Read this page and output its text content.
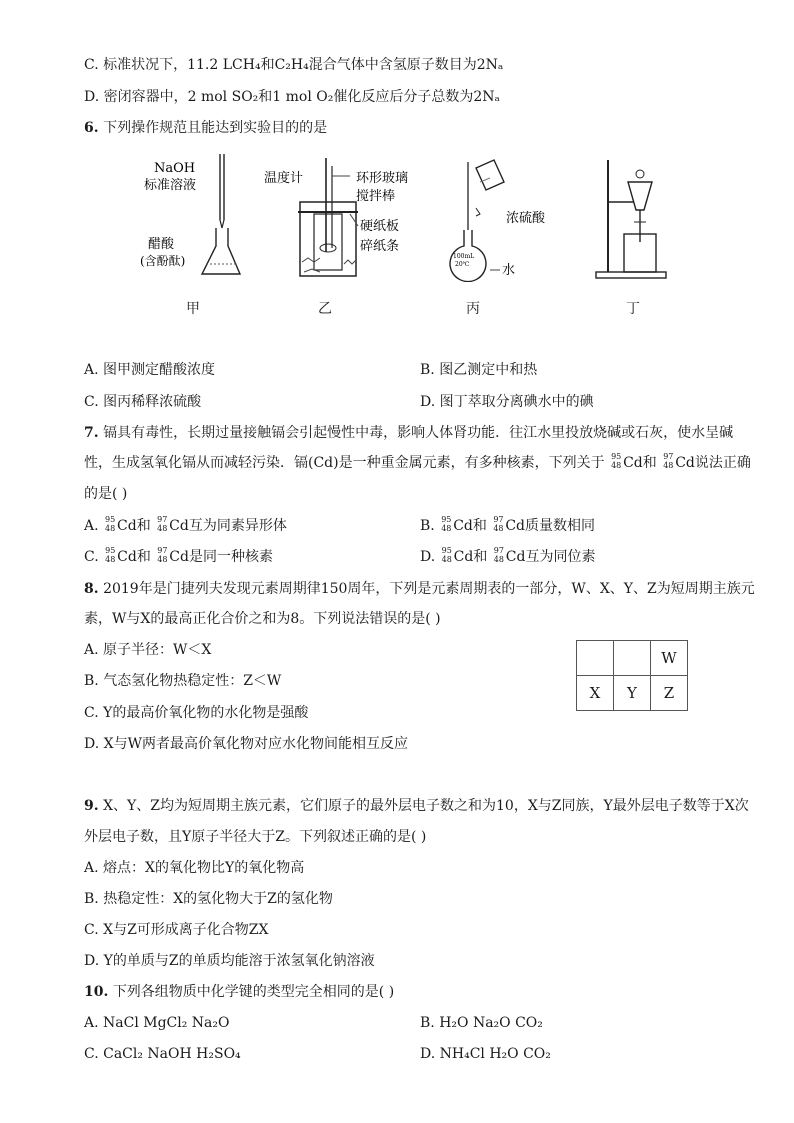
C. 标准状况下，11.2 LCH₄和C₂H₄混合气体中含氢原子数目为2Nₐ
D. 密闭容器中，2 mol SO₂和1 mol O₂催化反应后分子总数为2Nₐ
6. 下列操作规范且能达到实验目的的是
NaOH
标准溶液
醋酸
(含酚酞)
甲
温度计	环形玻璃
搅拌棒
硬纸板
碎纸条
乙
100mL
20℃
浓硫酸
水
丙	丁
A. 图甲测定醋酸浓度	B. 图乙测定中和热
C. 图丙稀释浓硫酸	D. 图丁萃取分离碘水中的碘
7. 镉具有毒性，长期过量接触镉会引起慢性中毒，影响人体肾功能．往江水里投放烧碱或石灰，使水呈碱
性，生成氢氧化镉从而减轻污染．镉(Cd)是一种重金属元素，有多种核素，下列关于 95
48 Cd和 97
48 Cd说法正确
的是( )
A. 95
48 Cd和 97
48 Cd互为同素异形体	B. 95
48 Cd和 97
48 Cd质量数相同
C. 95
48 Cd和 97
48 Cd是同一种核素	D. 95
48 Cd和 97
48 Cd互为同位素
8. 2019年是门捷列夫发现元素周期律150周年，下列是元素周期表的一部分，W、X、Y、Z为短周期主族元
素，W与X的最高正化合价之和为8。下列说法错误的是( )
A. 原子半径：W＜X
B. 气态氢化物热稳定性：Z＜W
C. Y的最高价氧化物的水化物是强酸
D. X与W两者最高价氧化物对应水化物间能相互反应
		W
X	Y	Z
9. X、Y、Z均为短周期主族元素，它们原子的最外层电子数之和为10，X与Z同族，Y最外层电子数等于X次
外层电子数，且Y原子半径大于Z。下列叙述正确的是( )
A. 熔点：X的氧化物比Y的氧化物高
B. 热稳定性：X的氢化物大于Z的氢化物
C. X与Z可形成离子化合物ZX
D. Y的单质与Z的单质均能溶于浓氢氧化钠溶液
10. 下列各组物质中化学键的类型完全相同的是( )
A. NaCl MgCl₂ Na₂O	B. H₂O Na₂O CO₂
C. CaCl₂ NaOH H₂SO₄	D. NH₄Cl H₂O CO₂
